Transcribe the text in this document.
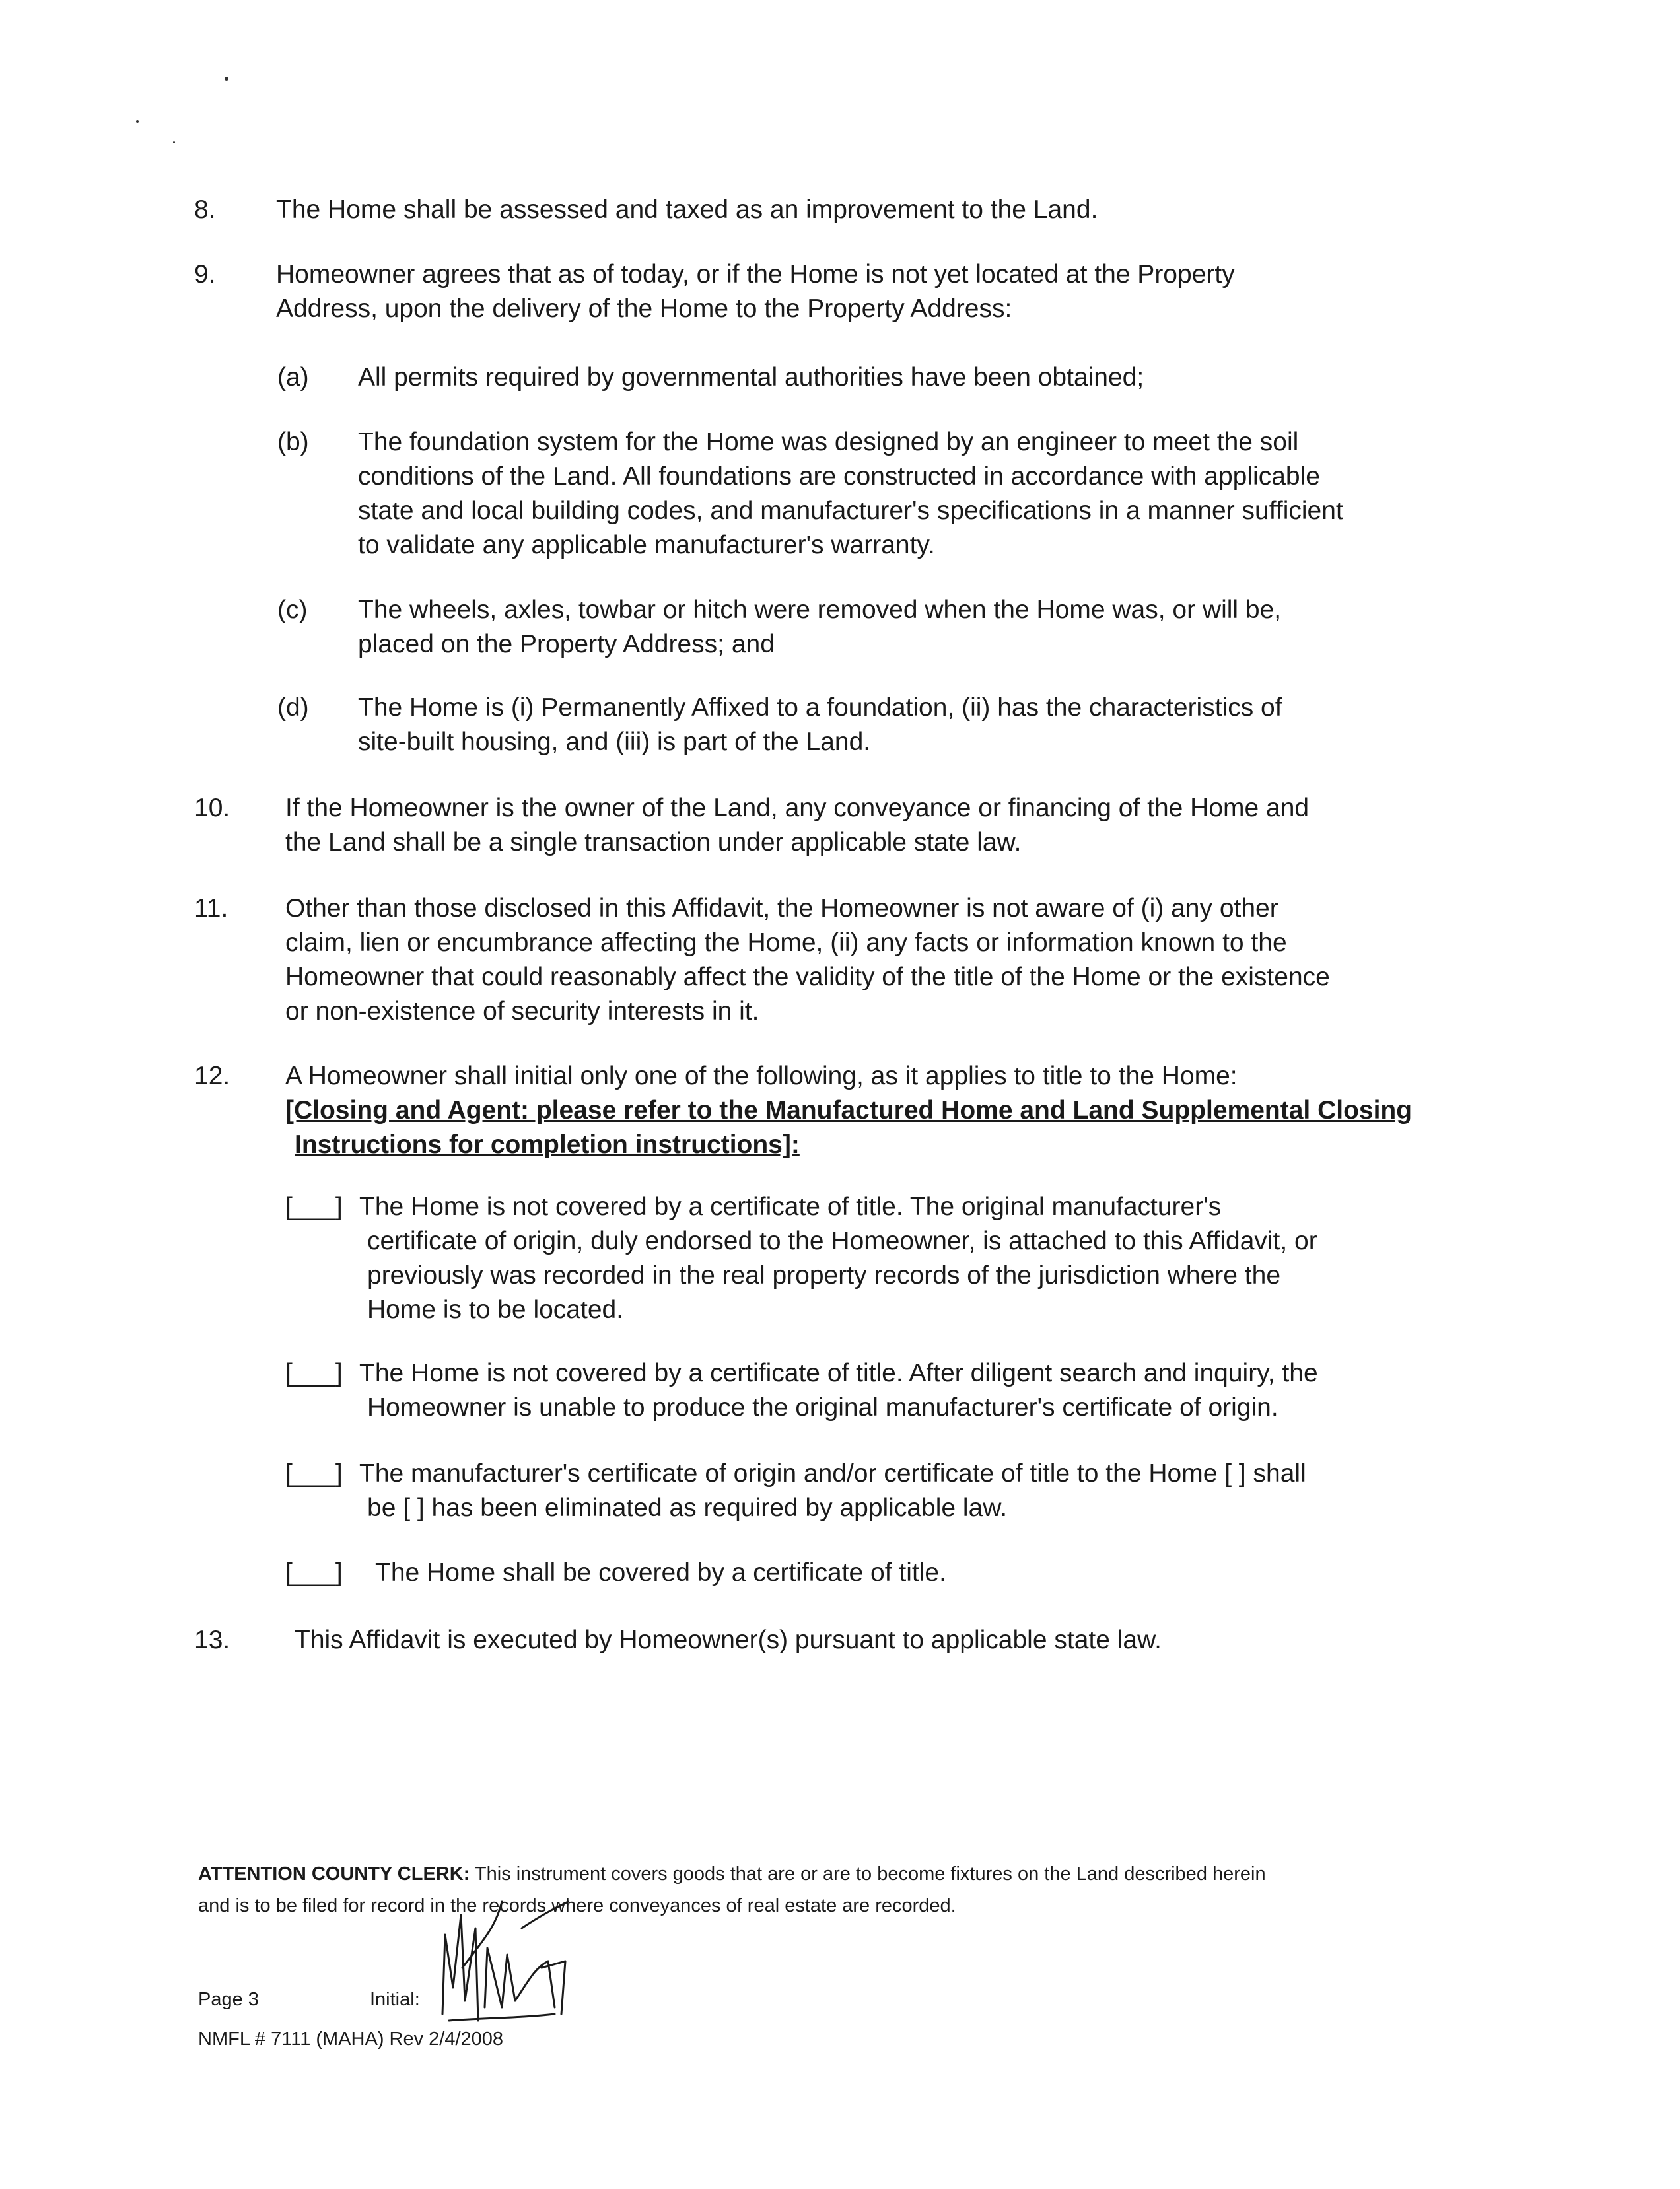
8. The Home shall be assessed and taxed as an improvement to the Land.
9. Homeowner agrees that as of today, or if the Home is not yet located at the Property
Address, upon the delivery of the Home to the Property Address:
(a) All permits required by governmental authorities have been obtained;
(b) The foundation system for the Home was designed by an engineer to meet the soil
conditions of the Land. All foundations are constructed in accordance with applicable
state and local building codes, and manufacturer's specifications in a manner sufficient
to validate any applicable manufacturer's warranty.
(c) The wheels, axles, towbar or hitch were removed when the Home was, or will be,
placed on the Property Address; and
(d) The Home is (i) Permanently Affixed to a foundation, (ii) has the characteristics of
site-built housing, and (iii) is part of the Land.
10. If the Homeowner is the owner of the Land, any conveyance or financing of the Home and
the Land shall be a single transaction under applicable state law.
11. Other than those disclosed in this Affidavit, the Homeowner is not aware of (i) any other
claim, lien or encumbrance affecting the Home, (ii) any facts or information known to the
Homeowner that could reasonably affect the validity of the title of the Home or the existence
or non-existence of security interests in it.
12. A Homeowner shall initial only one of the following, as it applies to title to the Home:
[Closing and Agent: please refer to the Manufactured Home and Land Supplemental Closing
Instructions for completion instructions]:
[___] The Home is not covered by a certificate of title. The original manufacturer's
certificate of origin, duly endorsed to the Homeowner, is attached to this Affidavit, or
previously was recorded in the real property records of the jurisdiction where the
Home is to be located.
[___] The Home is not covered by a certificate of title. After diligent search and inquiry, the
Homeowner is unable to produce the original manufacturer's certificate of origin.
[___] The manufacturer's certificate of origin and/or certificate of title to the Home [ ] shall
be [ ] has been eliminated as required by applicable law.
[___] The Home shall be covered by a certificate of title.
13.	This Affidavit is executed by Homeowner(s) pursuant to applicable state law.
ATTENTION COUNTY CLERK: This instrument covers goods that are or are to become fixtures on the Land described herein
and is to be filed for record in the records where conveyances of real estate are recorded.
Page 3	Initial:
NMFL # 7111 (MAHA) Rev 2/4/2008
